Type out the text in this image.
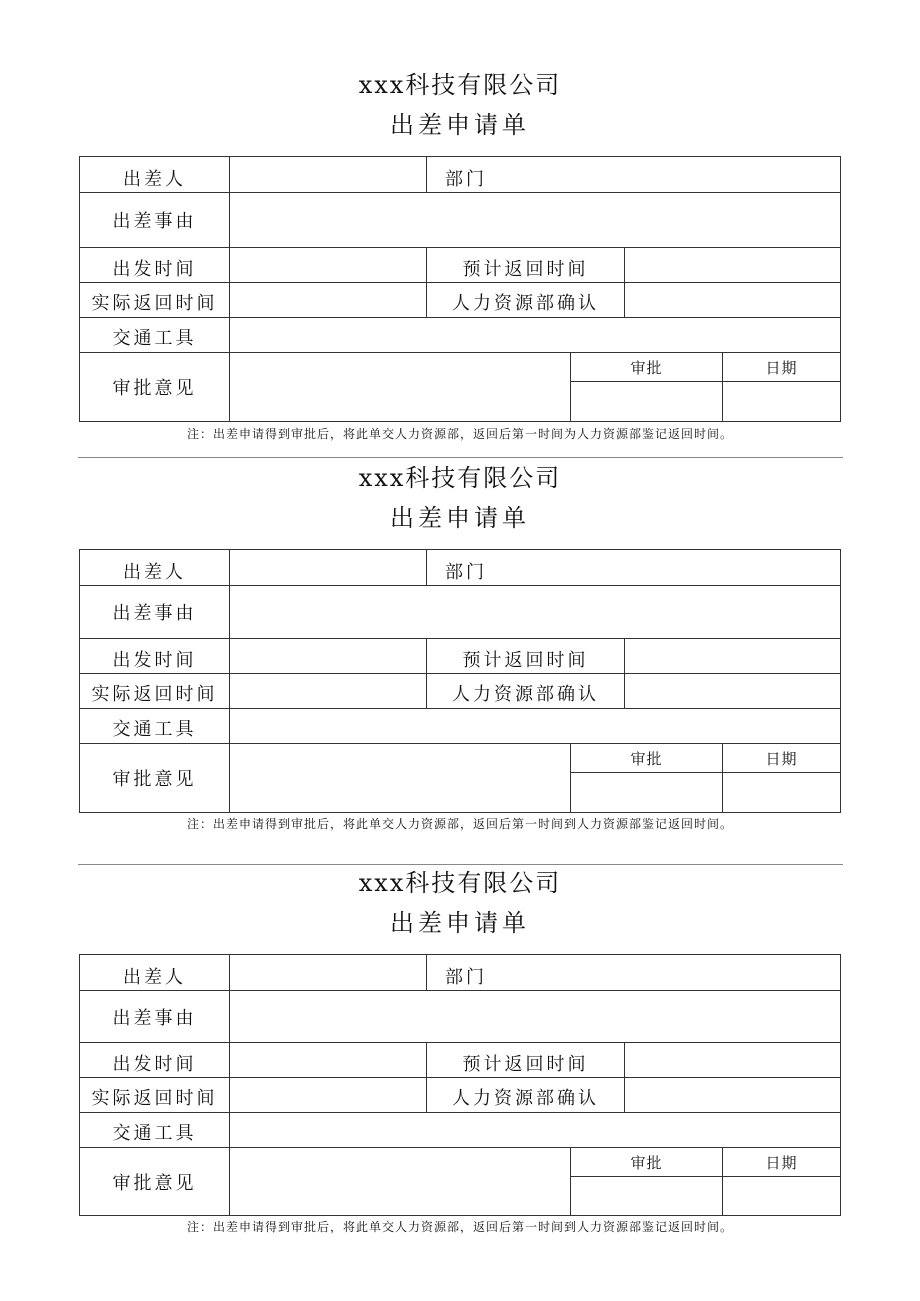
xxx科技有限公司
出差申请单
出差人	部门
出差事由
出发时间	预计返回时间
实际返回时间	人力资源部确认
交通工具
审批意见
审批	日期
注：出差申请得到审批后，将此单交人力资源部，返回后第一时间为人力资源部鉴记返回时间。
xxx科技有限公司
出差申请单
出差人	部门
出差事由
出发时间	预计返回时间
实际返回时间	人力资源部确认
交通工具
审批意见
审批	日期
注：出差申请得到审批后，将此单交人力资源部，返回后第一时间到人力资源部鉴记返回时间。
xxx科技有限公司
出差申请单
出差人	部门
出差事由
出发时间	预计返回时间
实际返回时间	人力资源部确认
交通工具
审批意见
审批	日期
注：出差申请得到审批后，将此单交人力资源部，返回后第一时间到人力资源部鉴记返回时间。
